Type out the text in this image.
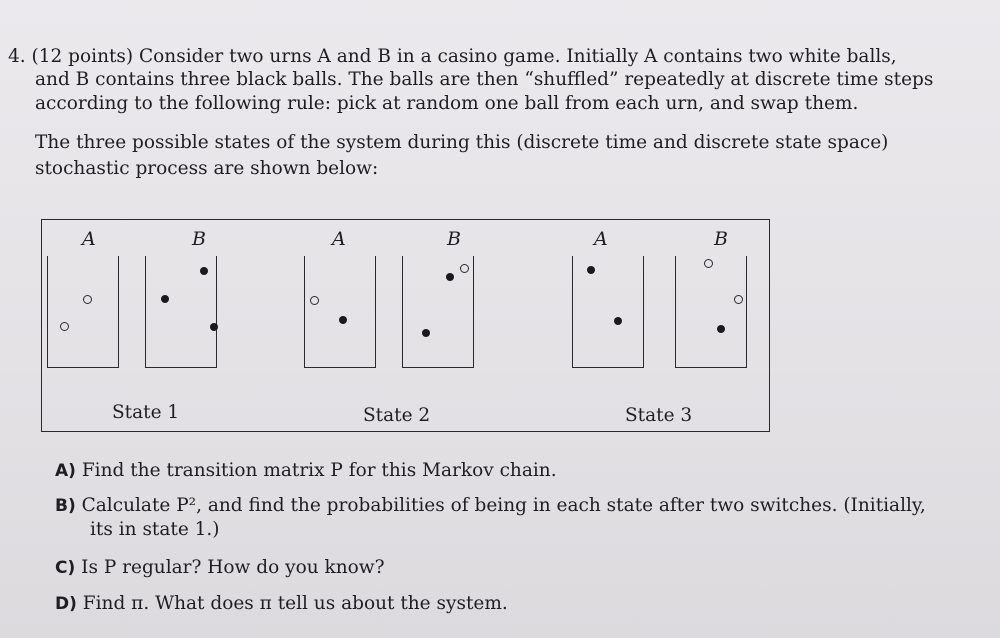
4. (12 points) Consider two urns A and B in a casino game. Initially A contains two white balls,
and B contains three black balls. The balls are then “shuffled” repeatedly at discrete time steps
according to the following rule: pick at random one ball from each urn, and swap them.
The three possible states of the system during this (discrete time and discrete state space)
stochastic process are shown below:
A	B
State 1
A	B
State 2
A	B
State 3
A) Find the transition matrix P for this Markov chain.
B) Calculate P², and find the probabilities of being in each state after two switches. (Initially,
its in state 1.)
C) Is P regular? How do you know?
D) Find π. What does π tell us about the system.
